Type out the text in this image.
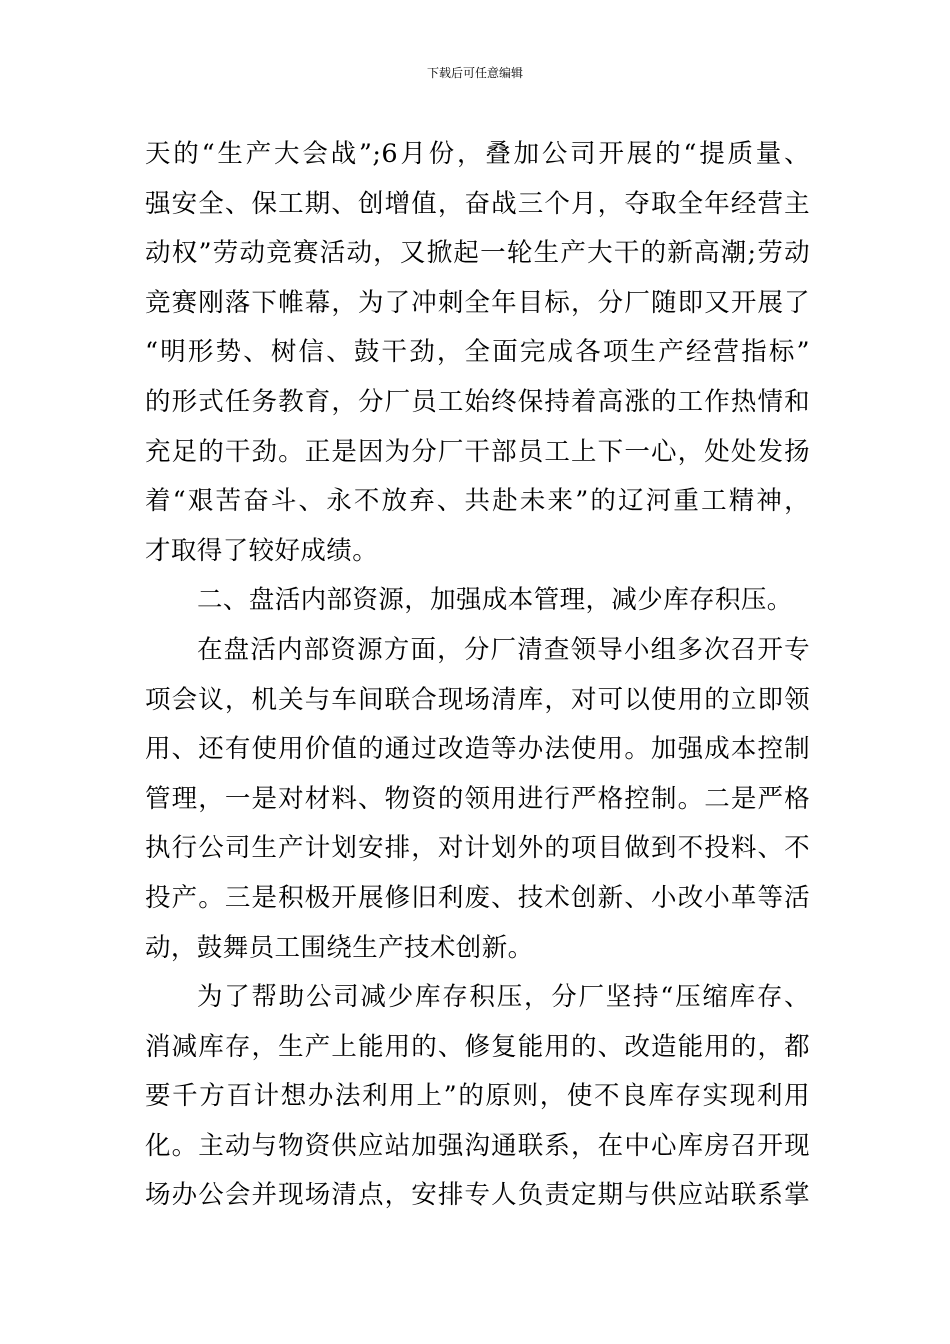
下载后可任意编辑
天的“生产大会战”;6月份，叠加公司开展的“提质量、
强安全、保工期、创增值，奋战三个月，夺取全年经营主
动权”劳动竞赛活动，又掀起一轮生产大干的新高潮;劳动
竞赛刚落下帷幕，为了冲刺全年目标，分厂随即又开展了
“明形势、树信、鼓干劲，全面完成各项生产经营指标”
的形式任务教育，分厂员工始终保持着高涨的工作热情和
充足的干劲。正是因为分厂干部员工上下一心，处处发扬
着“艰苦奋斗、永不放弃、共赴未来”的辽河重工精神，
才取得了较好成绩。
二、盘活内部资源，加强成本管理，减少库存积压。
在盘活内部资源方面，分厂清查领导小组多次召开专
项会议，机关与车间联合现场清库，对可以使用的立即领
用、还有使用价值的通过改造等办法使用。加强成本控制
管理，一是对材料、物资的领用进行严格控制。二是严格
执行公司生产计划安排，对计划外的项目做到不投料、不
投产。三是积极开展修旧利废、技术创新、小改小革等活
动，鼓舞员工围绕生产技术创新。
为了帮助公司减少库存积压，分厂坚持“压缩库存、
消减库存，生产上能用的、修复能用的、改造能用的，都
要千方百计想办法利用上”的原则，使不良库存实现利用
化。主动与物资供应站加强沟通联系，在中心库房召开现
场办公会并现场清点，安排专人负责定期与供应站联系掌
